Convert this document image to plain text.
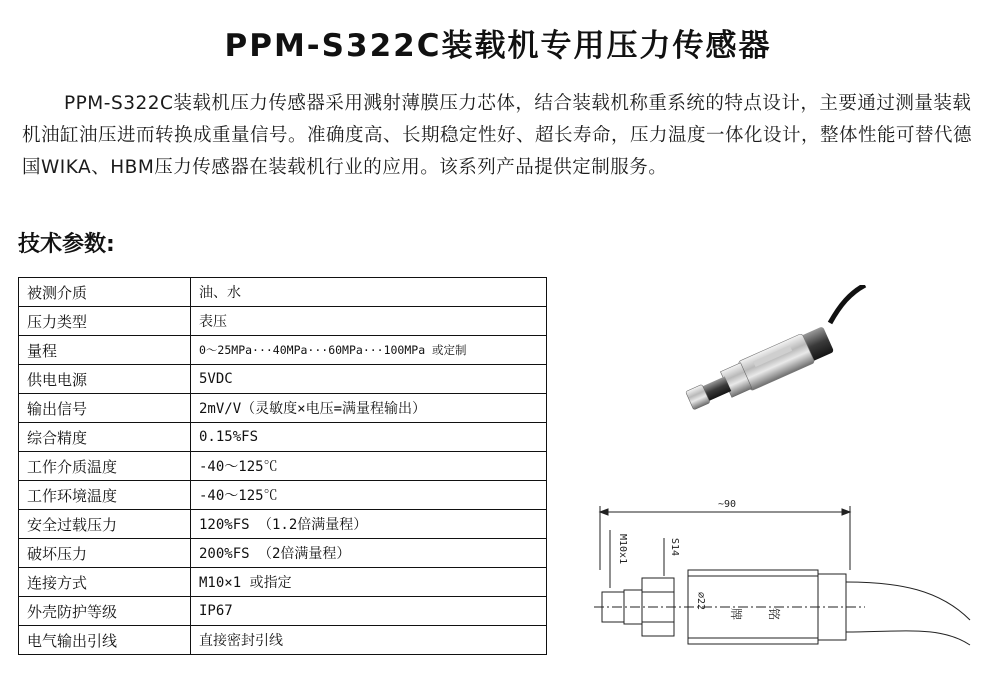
PPM-S322C装载机专用压力传感器
PPM-S322C装载机压力传感器采用溅射薄膜压力芯体，结合装载机称重系统的特点设计，主要通过测量装载机油缸油压进而转换成重量信号。准确度高、长期稳定性好、超长寿命，压力温度一体化设计，整体性能可替代德国WIKA、HBM压力传感器在装载机行业的应用。该系列产品提供定制服务。
技术参数:
被测介质	油、水
压力类型	表压
量程	0～25MPa···40MPa···60MPa···100MPa 或定制
供电电源	5VDC
输出信号	2mV/V（灵敏度×电压=满量程输出）
综合精度	0.15%FS
工作介质温度	-40～125℃
工作环境温度	-40～125℃
安全过载压力	120%FS （1.2倍满量程）
破坏压力	200%FS （2倍满量程）
连接方式	M10×1 或指定
外壳防护等级	IP67
电气输出引线	直接密封引线
~90
M10x1	S14
⌀22
牌 铭
